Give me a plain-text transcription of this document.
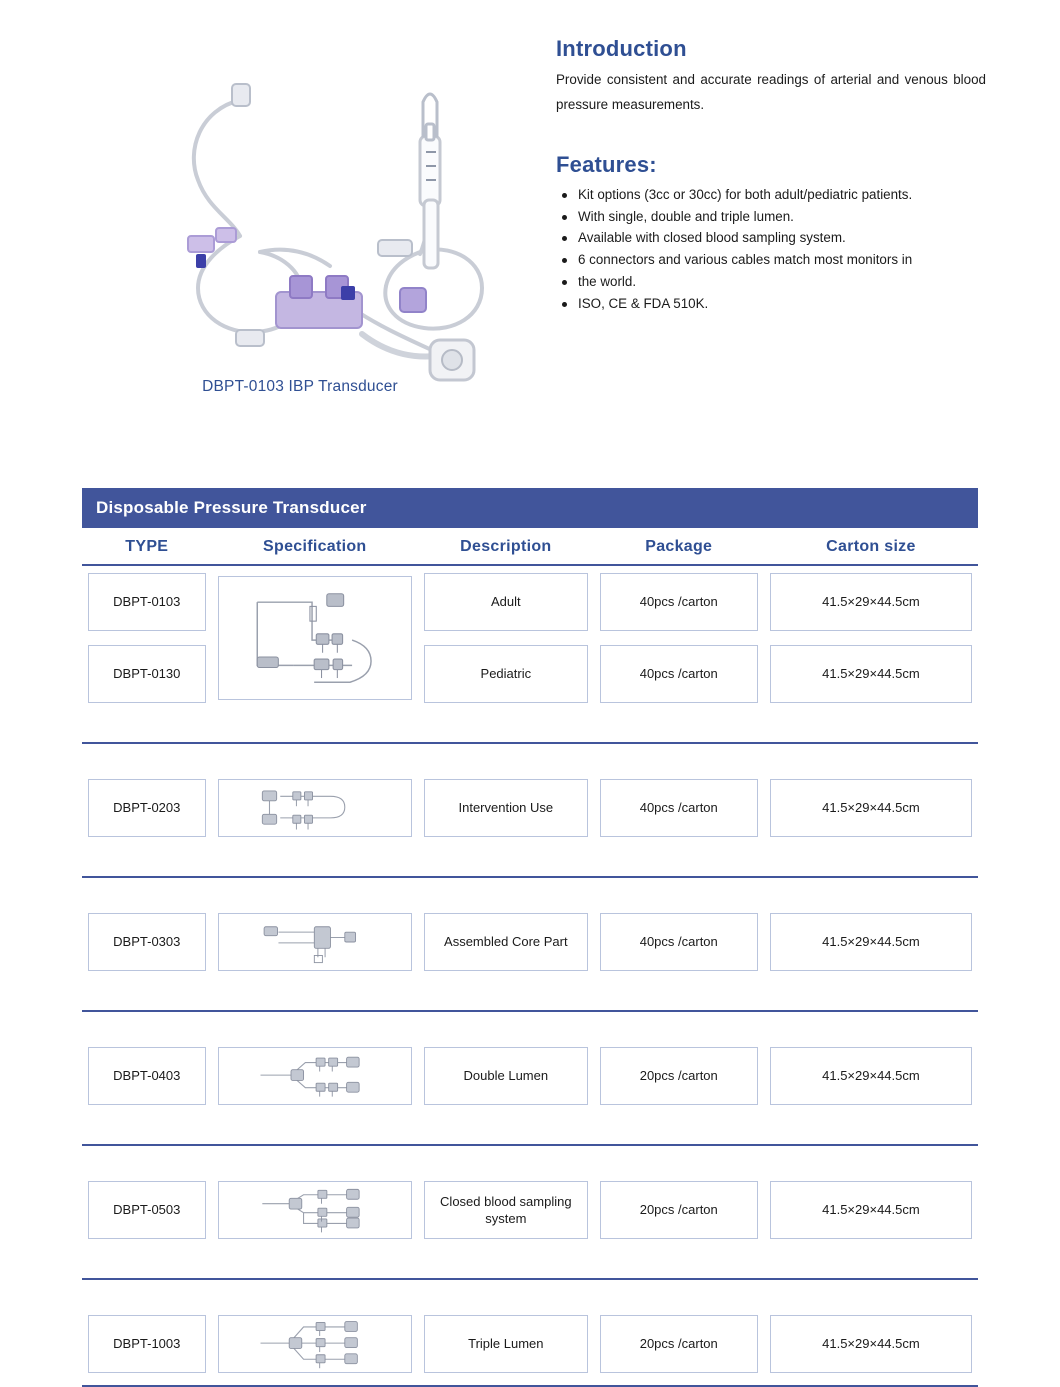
DBPT-0103 IBP Transducer
Introduction

Provide consistent and accurate readings of arterial and venous blood pressure measurements.

Features:
Kit options (3cc or 30cc) for both adult/pediatric patients.
With single, double and triple lumen.
Available with closed blood sampling system.
6 connectors and various cables match most monitors in
the world.
ISO, CE & FDA 510K.
Disposable Pressure Transducer
TYPE	Specification	Description	Package	Carton size

DBPT-0103		Adult	40pcs /carton	41.5×29×44.5cm

DBPT-0130		Pediatric	40pcs /carton	41.5×29×44.5cm

DBPT-0203		Intervention Use	40pcs /carton	41.5×29×44.5cm

DBPT-0303		Assembled Core Part	40pcs /carton	41.5×29×44.5cm

DBPT-0403		Double Lumen	20pcs /carton	41.5×29×44.5cm

DBPT-0503		Closed blood sampling system	20pcs /carton	41.5×29×44.5cm

DBPT-1003		Triple Lumen	20pcs /carton	41.5×29×44.5cm
